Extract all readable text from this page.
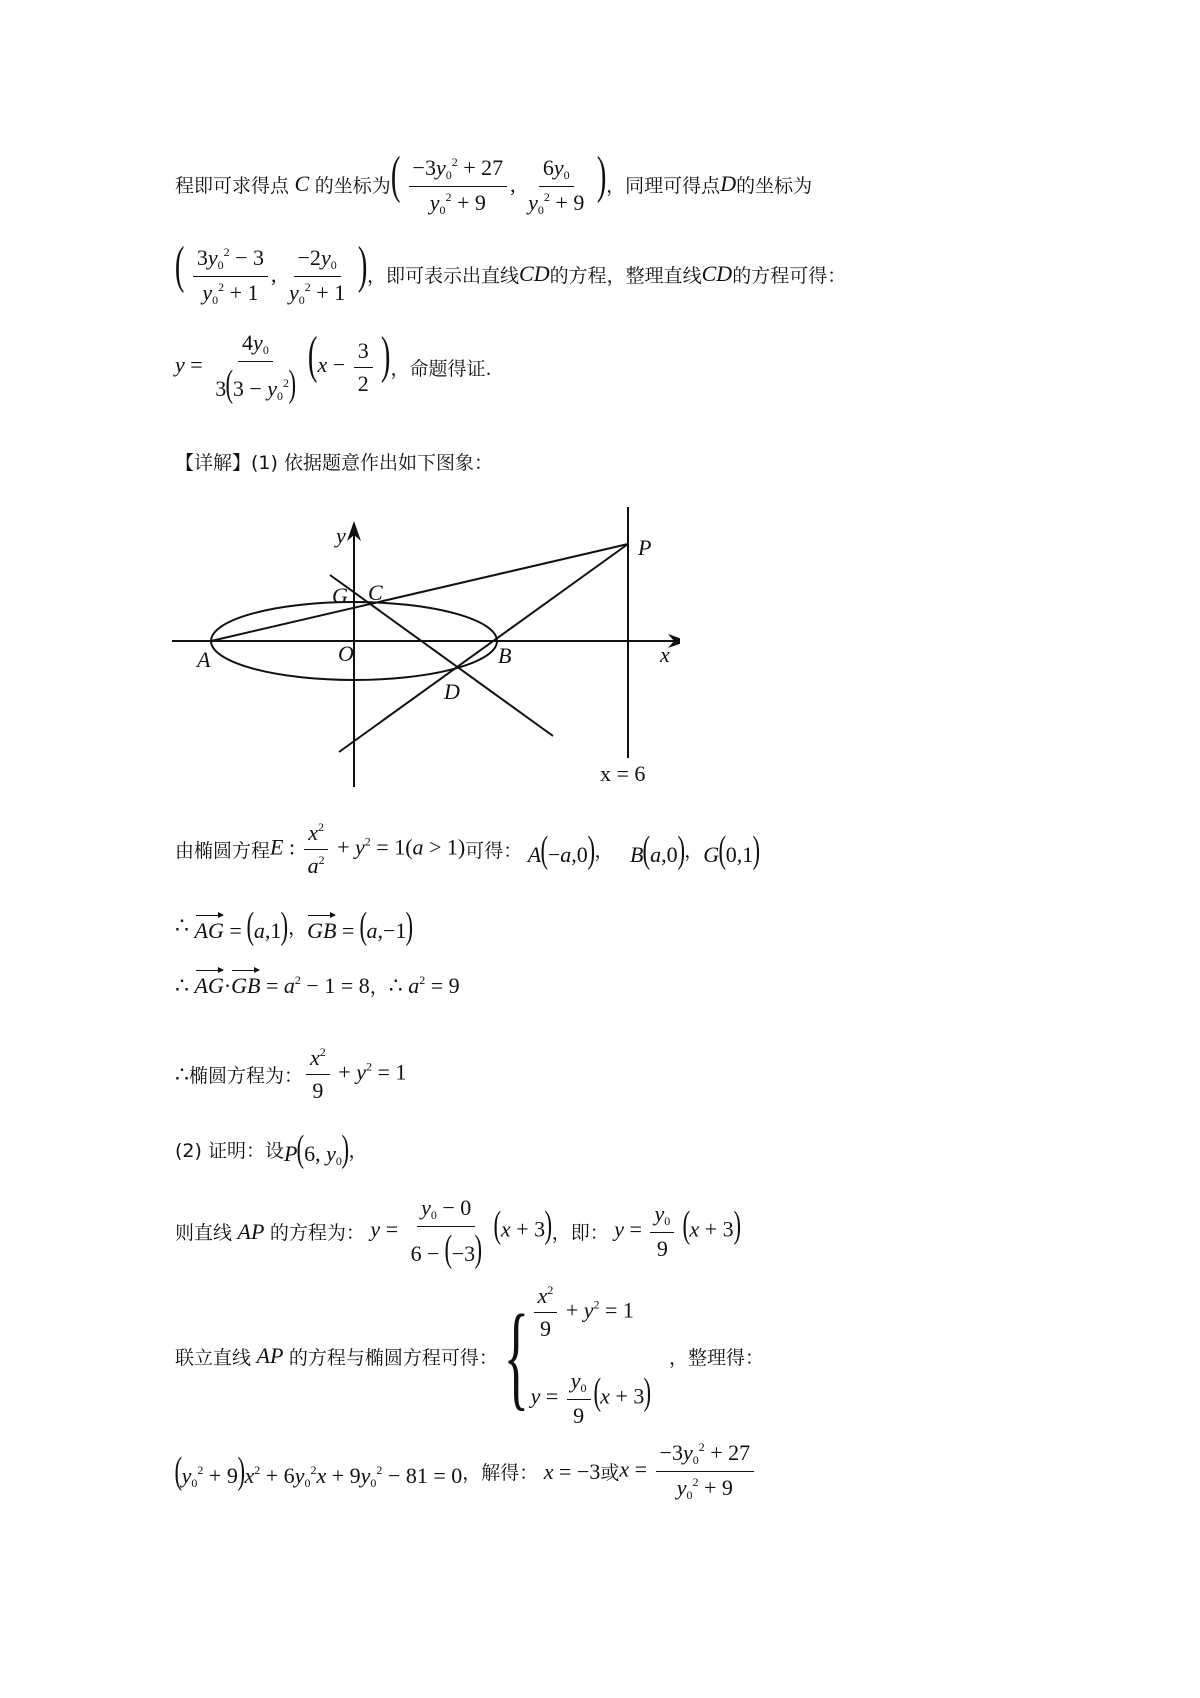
程即可求得点 C 的坐标为 ( $\frac{-3y_0^2 + 27}{y_0^2 + 9}$ , $\frac{6y_0}{y_0^2 + 9}$ ) ，同理可得点 D 的坐标为
( $\frac{3y_0^2 - 3}{y_0^2 + 1}$ , $\frac{-2y_0}{y_0^2 + 1}$ ) ，即可表示出直线 CD 的方程，整理直线 CD 的方程可得：
$y = \frac{4y_0}{3(3 - y_0^2)} (x - \frac{3}{2}$ ) ，命题得证.
【详解】(1) 依据题意作出如下图象：
y
x
P
G C
A	O	B
D
x = 6
由椭圆方程 E : $\frac{x^2}{a^2} + y^2 = 1(a > 1)$ 可得： A(−a,0) ， B(a,0) ， G(0,1)
∴ AG = (a,1) ， GB = (a,−1)
∴ $AG\cdot GB = a^2 - 1 = 8$ ， ∴ $a^2 = 9$
∴ 椭圆方程为： $\frac{x^2}{9} + y^2 = 1$
(2) 证明：设 P(6, $y_0$) ，
则直线 AP 的方程为： $y = \frac{y_0 - 0}{6 - (-3)} (x + 3)$ ，即： $y = \frac{y_0}{9} (x + 3)$
联立直线 AP 的方程与椭圆方程可得： { $\frac{x^2}{9} + y^2 = 1$
$y = \frac{y_0}{9} (x + 3)$
，整理得：
$(y_0^2 + 9)x^2 + 6y_0^2x + 9y_0^2 - 81 = 0$ ，解得： x = −3 或 $x = \frac{-3y_0^2 + 27}{y_0^2 + 9}$
